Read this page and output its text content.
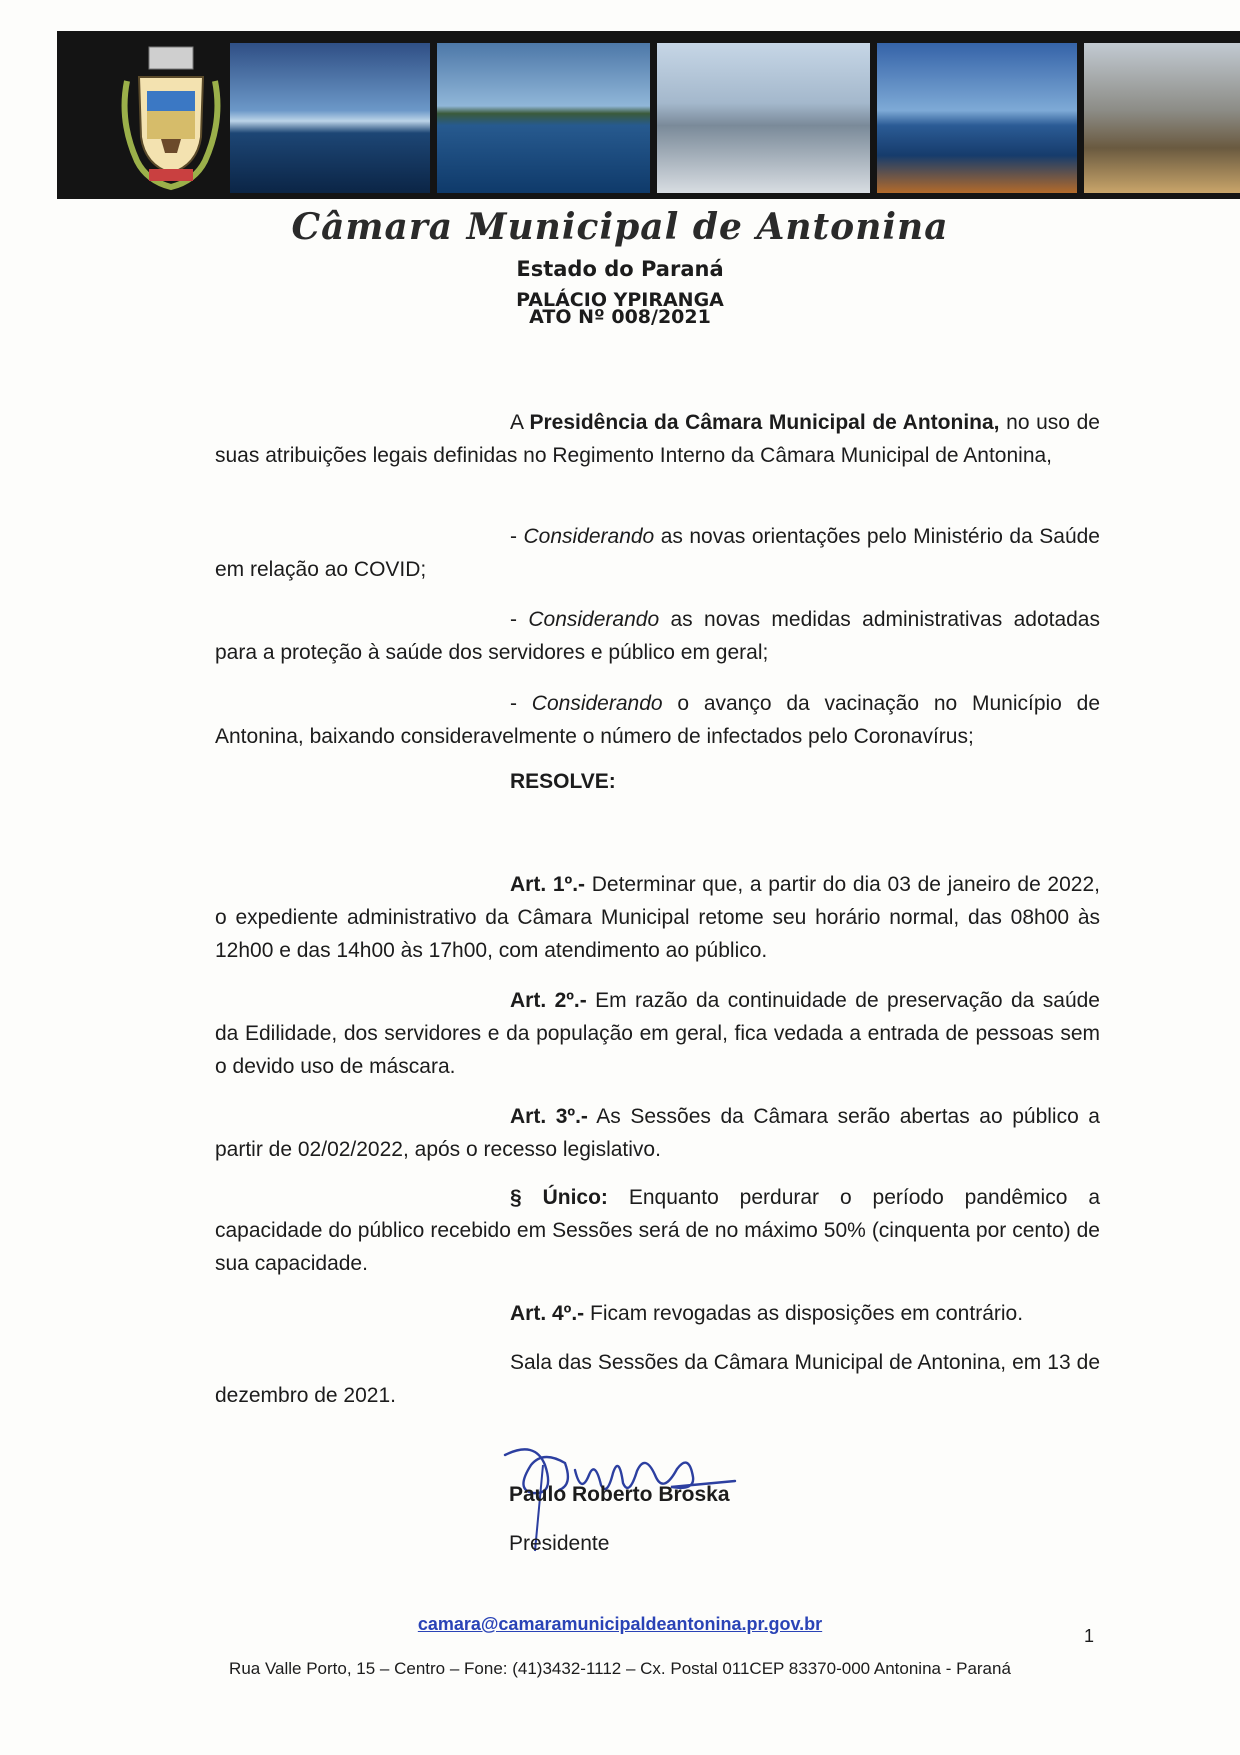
Câmara Municipal de Antonina
Estado do Paraná
PALÁCIO YPIRANGA
ATO Nº 008/2021

A Presidência da Câmara Municipal de Antonina, no uso de suas atribuições legais definidas no Regimento Interno da Câmara Municipal de Antonina,

- Considerando as novas orientações pelo Ministério da Saúde em relação ao COVID;

- Considerando as novas medidas administrativas adotadas para a proteção à saúde dos servidores e público em geral;

- Considerando o avanço da vacinação no Município de Antonina, baixando consideravelmente o número de infectados pelo Coronavírus;

RESOLVE:

Art. 1º.- Determinar que, a partir do dia 03 de janeiro de 2022, o expediente administrativo da Câmara Municipal retome seu horário normal, das 08h00 às 12h00 e das 14h00 às 17h00, com atendimento ao público.

Art. 2º.- Em razão da continuidade de preservação da saúde da Edilidade, dos servidores e da população em geral, fica vedada a entrada de pessoas sem o devido uso de máscara.

Art. 3º.- As Sessões da Câmara serão abertas ao público a partir de 02/02/2022, após o recesso legislativo.

§ Único: Enquanto perdurar o período pandêmico a capacidade do público recebido em Sessões será de no máximo 50% (cinquenta por cento) de sua capacidade.

Art. 4º.- Ficam revogadas as disposições em contrário.

Sala das Sessões da Câmara Municipal de Antonina, em 13 de dezembro de 2021.

Paulo Roberto Broska
Presidente
camara@camaramunicipaldeantonina.pr.gov.br
1
Rua Valle Porto, 15 – Centro – Fone: (41)3432-1112 – Cx. Postal 011CEP 83370-000 Antonina - Paraná
